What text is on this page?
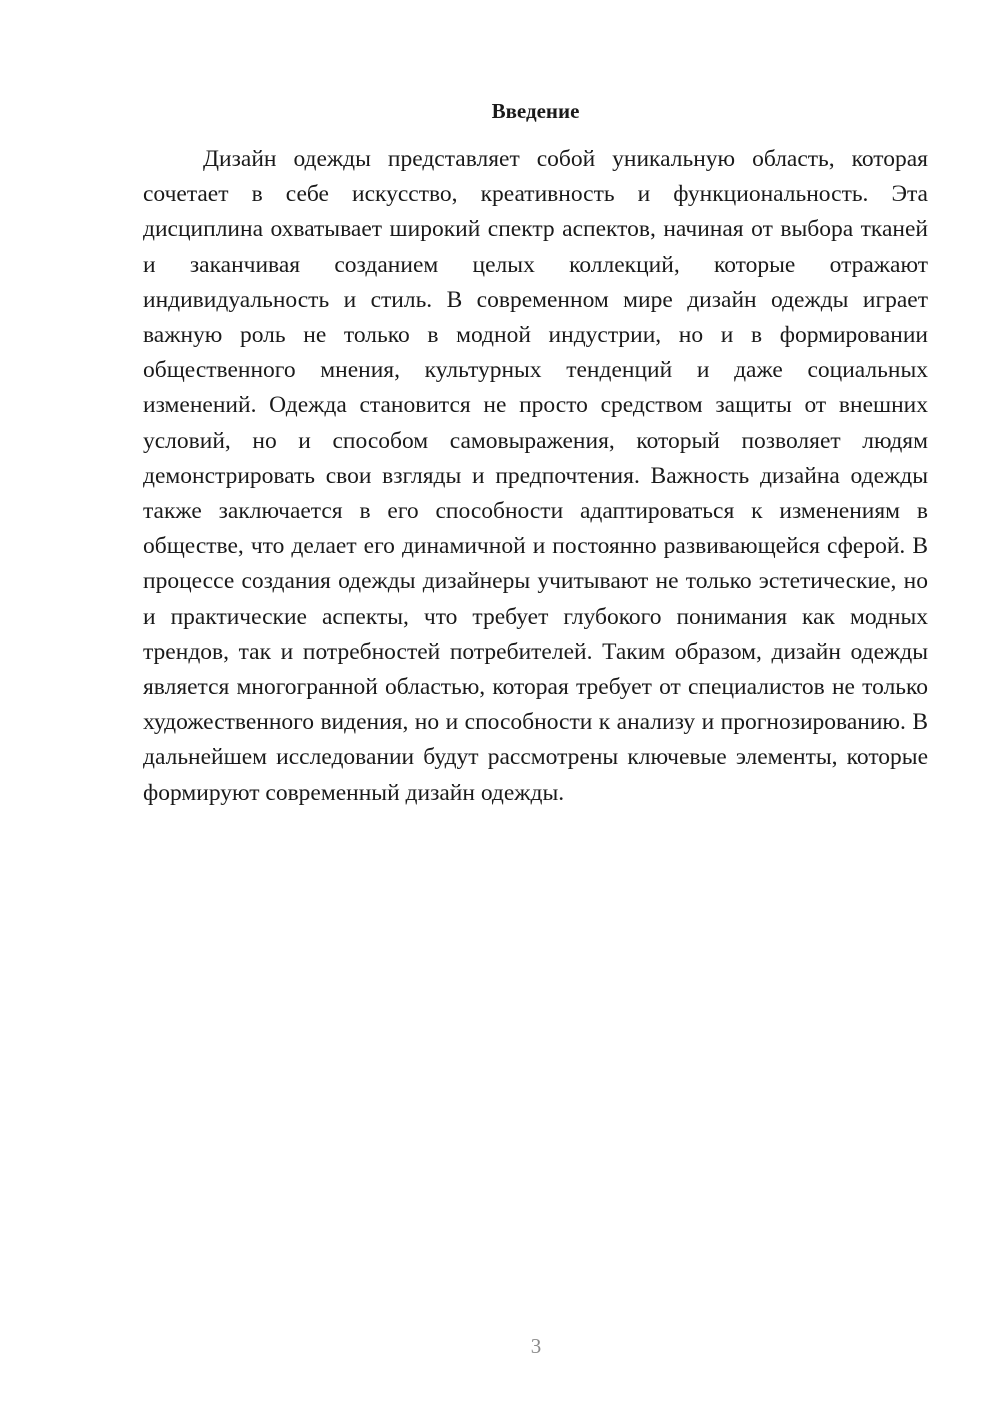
Введение

Дизайн одежды представляет собой уникальную область, которая сочетает в себе искусство, креативность и функциональность. Эта дисциплина охватывает широкий спектр аспектов, начиная от выбора тканей и заканчивая созданием целых коллекций, которые отражают индивидуальность и стиль. В современном мире дизайн одежды играет важную роль не только в модной индустрии, но и в формировании общественного мнения, культурных тенденций и даже социальных изменений. Одежда становится не просто средством защиты от внешних условий, но и способом самовыражения, который позволяет людям демонстрировать свои взгляды и предпочтения. Важность дизайна одежды также заключается в его способности адаптироваться к изменениям в обществе, что делает его динамичной и постоянно развивающейся сферой. В процессе создания одежды дизайнеры учитывают не только эстетические, но и практические аспекты, что требует глубокого понимания как модных трендов, так и потребностей потребителей. Таким образом, дизайн одежды является многогранной областью, которая требует от специалистов не только художественного видения, но и способности к анализу и прогнозированию. В дальнейшем исследовании будут рассмотрены ключевые элементы, которые формируют современный дизайн одежды.

3
